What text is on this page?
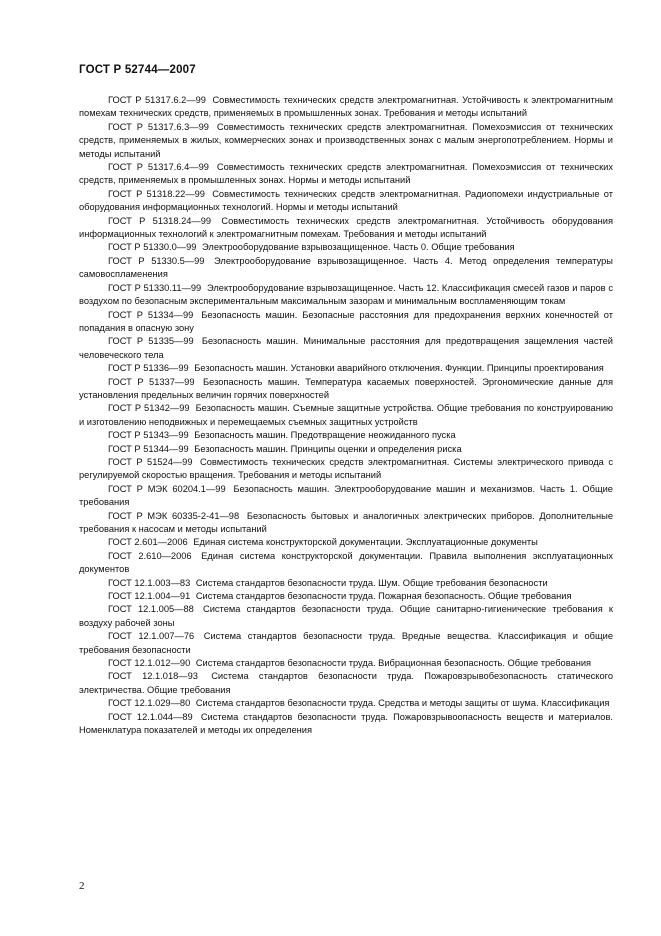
ГОСТ Р 52744—2007

ГОСТ Р 51317.6.2—99 Совместимость технических средств электромагнитная. Устойчивость к электромагнитным помехам технических средств, применяемых в промышленных зонах. Требования и методы испытаний

ГОСТ Р 51317.6.3—99 Совместимость технических средств электромагнитная. Помехоэмиссия от технических средств, применяемых в жилых, коммерческих зонах и производственных зонах с малым энергопотреблением. Нормы и методы испытаний

ГОСТ Р 51317.6.4—99 Совместимость технических средств электромагнитная. Помехоэмиссия от технических средств, применяемых в промышленных зонах. Нормы и методы испытаний

ГОСТ Р 51318.22—99 Совместимость технических средств электромагнитная. Радиопомехи индустриальные от оборудования информационных технологий. Нормы и методы испытаний

ГОСТ Р 51318.24—99 Совместимость технических средств электромагнитная. Устойчивость оборудования информационных технологий к электромагнитным помехам. Требования и методы испытаний

ГОСТ Р 51330.0—99 Электрооборудование взрывозащищенное. Часть 0. Общие требования

ГОСТ Р 51330.5—99 Электрооборудование взрывозащищенное. Часть 4. Метод определения температуры самовоспламенения

ГОСТ Р 51330.11—99 Электрооборудование взрывозащищенное. Часть 12. Классификация смесей газов и паров с воздухом по безопасным экспериментальным максимальным зазорам и минимальным воспламеняющим токам

ГОСТ Р 51334—99 Безопасность машин. Безопасные расстояния для предохранения верхних конечностей от попадания в опасную зону

ГОСТ Р 51335—99 Безопасность машин. Минимальные расстояния для предотвращения защемления частей человеческого тела

ГОСТ Р 51336—99 Безопасность машин. Установки аварийного отключения. Функции. Принципы проектирования

ГОСТ Р 51337—99 Безопасность машин. Температура касаемых поверхностей. Эргономические данные для установления предельных величин горячих поверхностей

ГОСТ Р 51342—99 Безопасность машин. Съемные защитные устройства. Общие требования по конструированию и изготовлению неподвижных и перемещаемых съемных защитных устройств

ГОСТ Р 51343—99 Безопасность машин. Предотвращение неожиданного пуска

ГОСТ Р 51344—99 Безопасность машин. Принципы оценки и определения риска

ГОСТ Р 51524—99 Совместимость технических средств электромагнитная. Системы электрического привода с регулируемой скоростью вращения. Требования и методы испытаний

ГОСТ Р МЭК 60204.1—99 Безопасность машин. Электрооборудование машин и механизмов. Часть 1. Общие требования

ГОСТ Р МЭК 60335-2-41—98 Безопасность бытовых и аналогичных электрических приборов. Дополнительные требования к насосам и методы испытаний

ГОСТ 2.601—2006 Единая система конструкторской документации. Эксплуатационные документы

ГОСТ 2.610—2006 Единая система конструкторской документации. Правила выполнения эксплуатационных документов

ГОСТ 12.1.003—83 Система стандартов безопасности труда. Шум. Общие требования безопасности

ГОСТ 12.1.004—91 Система стандартов безопасности труда. Пожарная безопасность. Общие требования

ГОСТ 12.1.005—88 Система стандартов безопасности труда. Общие санитарно-гигиенические требования к воздуху рабочей зоны

ГОСТ 12.1.007—76 Система стандартов безопасности труда. Вредные вещества. Классификация и общие требования безопасности

ГОСТ 12.1.012—90 Система стандартов безопасности труда. Вибрационная безопасность. Общие требования

ГОСТ 12.1.018—93 Система стандартов безопасности труда. Пожаровзрывобезопасность статического электричества. Общие требования

ГОСТ 12.1.029—80 Система стандартов безопасности труда. Средства и методы защиты от шума. Классификация

ГОСТ 12.1.044—89 Система стандартов безопасности труда. Пожаровзрывоопасность веществ и материалов. Номенклатура показателей и методы их определения

2
